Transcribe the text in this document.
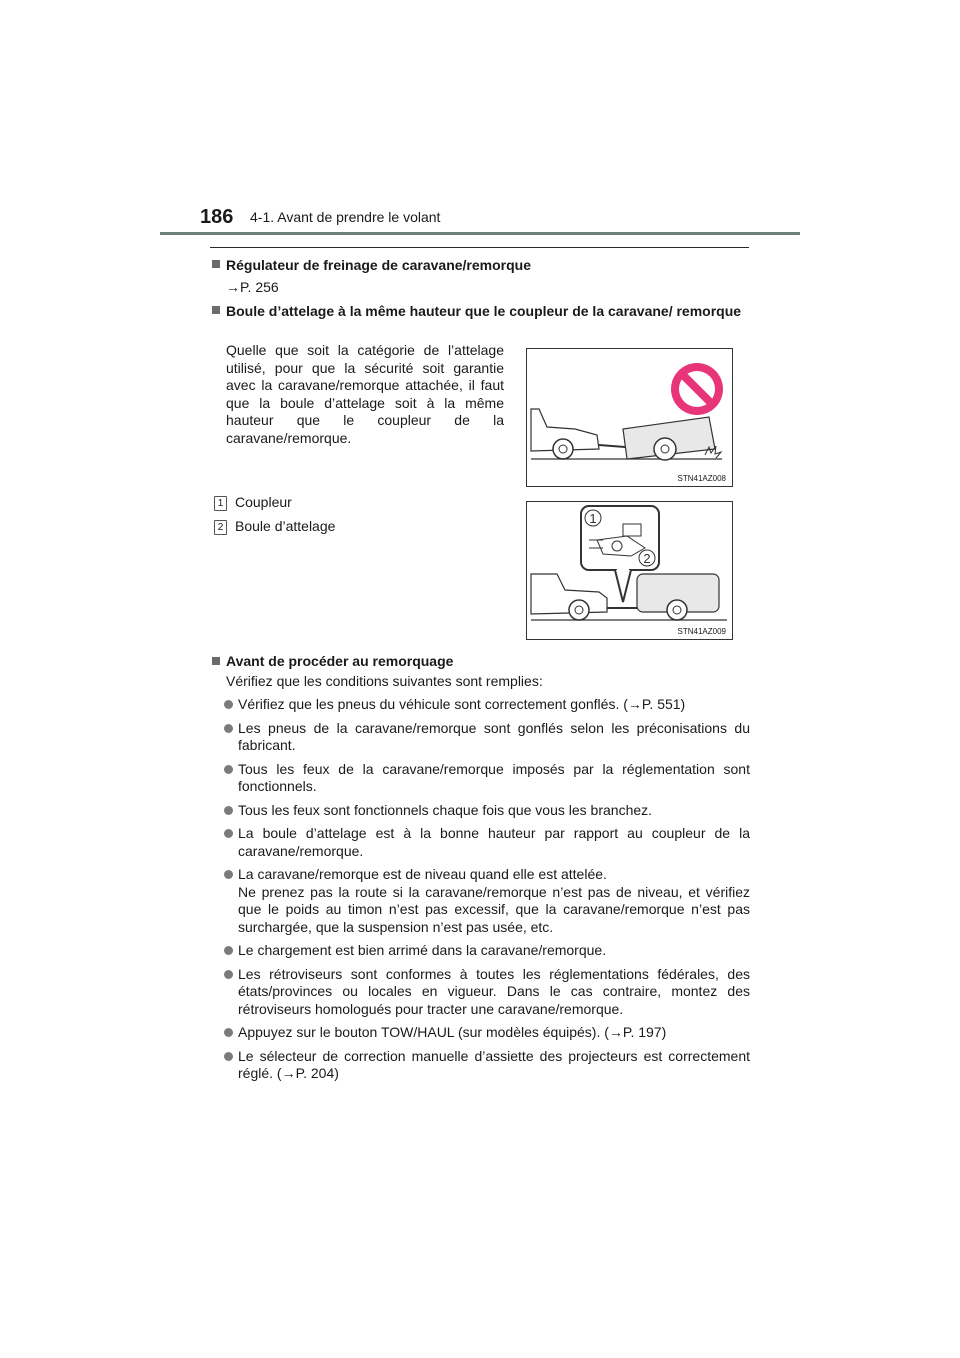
186 4-1. Avant de prendre le volant
Régulateur de freinage de caravane/remorque
→P. 256
Boule d’attelage à la même hauteur que le coupleur de la caravane/ remorque
Quelle que soit la catégorie de l’attelage utilisé, pour que la sécurité soit garantie avec la caravane/remorque attachée, il faut que la boule d’attelage soit à la même hauteur que le coupleur de la caravane/remorque.
STN41AZ008
1 Coupleur
2 Boule d’attelage	1
2
STN41AZ009
Avant de procéder au remorquage
Vérifiez que les conditions suivantes sont remplies:
Vérifiez que les pneus du véhicule sont correctement gonflés. (→P. 551)
Les pneus de la caravane/remorque sont gonflés selon les préconisations du fabricant.
Tous les feux de la caravane/remorque imposés par la réglementation sont fonctionnels.
Tous les feux sont fonctionnels chaque fois que vous les branchez.
La boule d’attelage est à la bonne hauteur par rapport au coupleur de la caravane/remorque.
La caravane/remorque est de niveau quand elle est attelée.
Ne prenez pas la route si la caravane/remorque n’est pas de niveau, et vérifiez que le poids au timon n’est pas excessif, que la caravane/remorque n’est pas surchargée, que la suspension n’est pas usée, etc.
Le chargement est bien arrimé dans la caravane/remorque.
Les rétroviseurs sont conformes à toutes les réglementations fédérales, des états/provinces ou locales en vigueur. Dans le cas contraire, montez des rétroviseurs homologués pour tracter une caravane/remorque.
Appuyez sur le bouton TOW/HAUL (sur modèles équipés). (→P. 197)
Le sélecteur de correction manuelle d’assiette des projecteurs est correctement réglé. (→P. 204)
